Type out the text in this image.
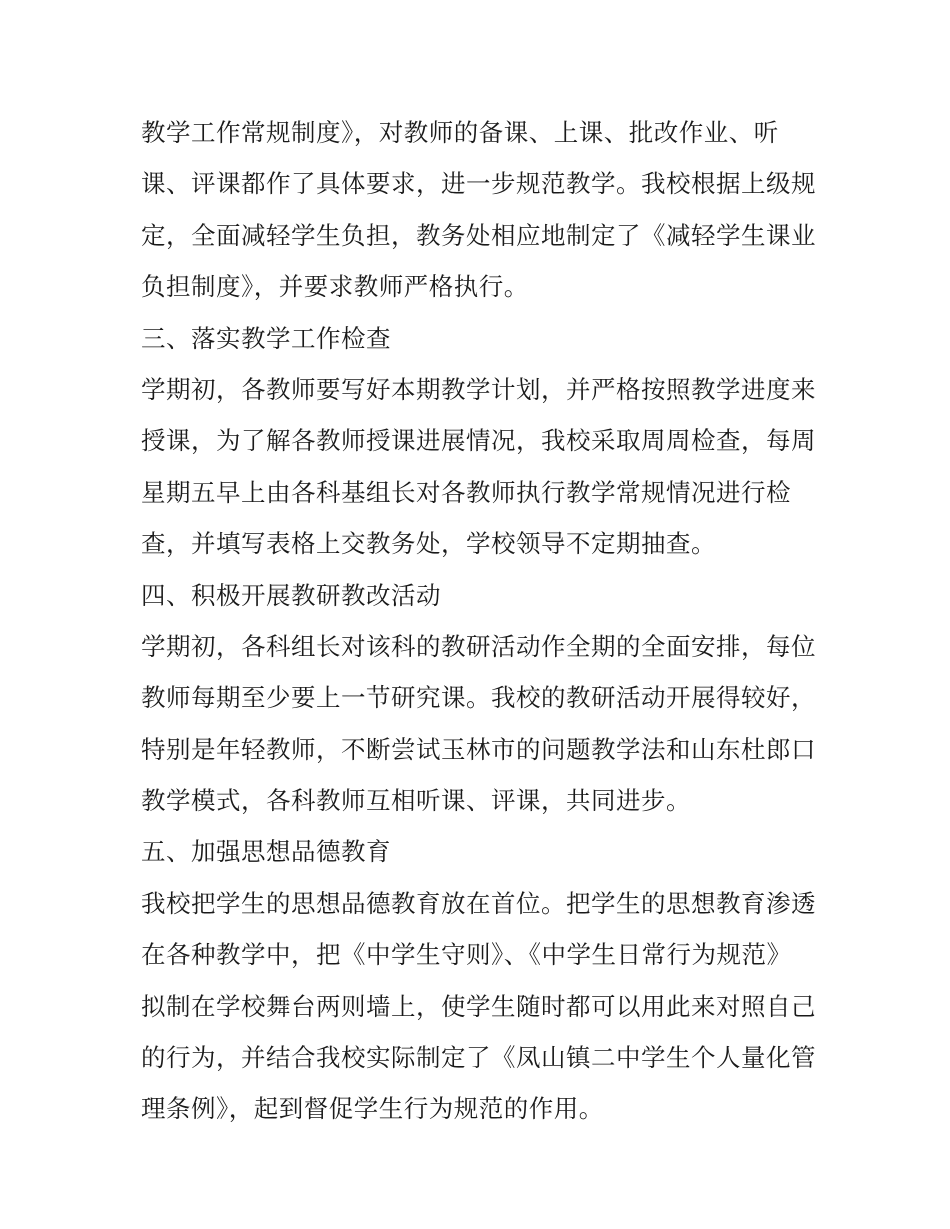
教学工作常规制度》，对教师的备课、上课、批改作业、听
课、评课都作了具体要求，进一步规范教学。我校根据上级规
定，全面减轻学生负担，教务处相应地制定了《减轻学生课业
负担制度》，并要求教师严格执行。
三、落实教学工作检查
学期初，各教师要写好本期教学计划，并严格按照教学进度来
授课，为了解各教师授课进展情况，我校采取周周检查，每周
星期五早上由各科基组长对各教师执行教学常规情况进行检
查，并填写表格上交教务处，学校领导不定期抽查。
四、积极开展教研教改活动
学期初，各科组长对该科的教研活动作全期的全面安排，每位
教师每期至少要上一节研究课。我校的教研活动开展得较好，
特别是年轻教师，不断尝试玉林市的问题教学法和山东杜郎口
教学模式，各科教师互相听课、评课，共同进步。
五、加强思想品德教育
我校把学生的思想品德教育放在首位。把学生的思想教育渗透
在各种教学中，把《中学生守则》、《中学生日常行为规范》
拟制在学校舞台两则墙上，使学生随时都可以用此来对照自己
的行为，并结合我校实际制定了《凤山镇二中学生个人量化管
理条例》，起到督促学生行为规范的作用。
